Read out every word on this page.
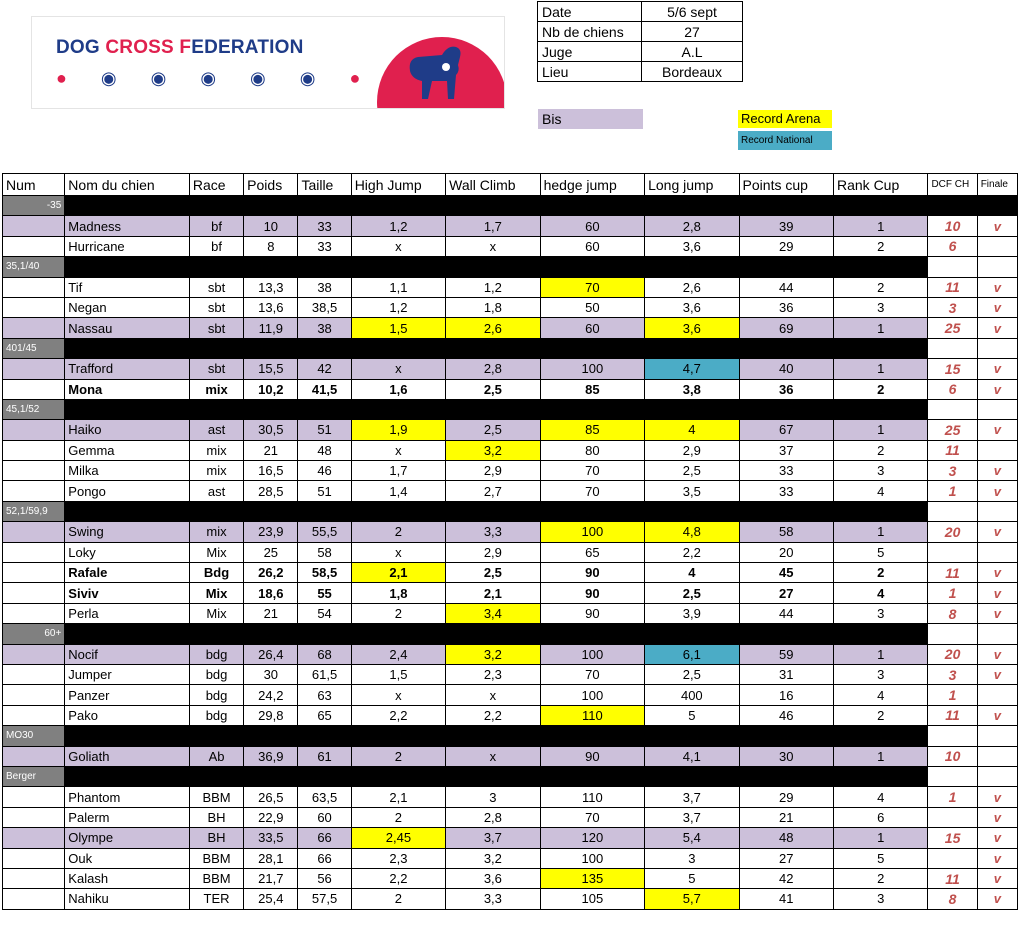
DOG CROSS FEDERATION
● ◉ ◉ ◉ ◉ ◉ ●
Date	5/6 sept
Nb de chiens	27
Juge	A.L
Lieu	Bordeaux
Bis	Record Arena
Record National
Num	Nom du chien	Race	Poids	Taille	High Jump	Wall Climb	hedge jump	Long jump	Points cup	Rank Cup	DCF CH	Finale
-35												
	Madness	bf	10	33	1,2	1,7	60	2,8	39	1	10	v
	Hurricane	bf	8	33	x	x	60	3,6	29	2	6	
35,1/40												
	Tif	sbt	13,3	38	1,1	1,2	70	2,6	44	2	11	v
	Negan	sbt	13,6	38,5	1,2	1,8	50	3,6	36	3	3	v
	Nassau	sbt	11,9	38	1,5	2,6	60	3,6	69	1	25	v
401/45												
	Trafford	sbt	15,5	42	x	2,8	100	4,7	40	1	15	v
	Mona	mix	10,2	41,5	1,6	2,5	85	3,8	36	2	6	v
45,1/52												
	Haiko	ast	30,5	51	1,9	2,5	85	4	67	1	25	v
	Gemma	mix	21	48	x	3,2	80	2,9	37	2	11	
	Milka	mix	16,5	46	1,7	2,9	70	2,5	33	3	3	v
	Pongo	ast	28,5	51	1,4	2,7	70	3,5	33	4	1	v
52,1/59,9												
	Swing	mix	23,9	55,5	2	3,3	100	4,8	58	1	20	v
	Loky	Mix	25	58	x	2,9	65	2,2	20	5		
	Rafale	Bdg	26,2	58,5	2,1	2,5	90	4	45	2	11	v
	Siviv	Mix	18,6	55	1,8	2,1	90	2,5	27	4	1	v
	Perla	Mix	21	54	2	3,4	90	3,9	44	3	8	v
60+												
	Nocif	bdg	26,4	68	2,4	3,2	100	6,1	59	1	20	v
	Jumper	bdg	30	61,5	1,5	2,3	70	2,5	31	3	3	v
	Panzer	bdg	24,2	63	x	x	100	400	16	4	1	
	Pako	bdg	29,8	65	2,2	2,2	110	5	46	2	11	v
MO30												
	Goliath	Ab	36,9	61	2	x	90	4,1	30	1	10	
Berger												
	Phantom	BBM	26,5	63,5	2,1	3	110	3,7	29	4	1	v
	Palerm	BH	22,9	60	2	2,8	70	3,7	21	6		v
	Olympe	BH	33,5	66	2,45	3,7	120	5,4	48	1	15	v
	Ouk	BBM	28,1	66	2,3	3,2	100	3	27	5		v
	Kalash	BBM	21,7	56	2,2	3,6	135	5	42	2	11	v
	Nahiku	TER	25,4	57,5	2	3,3	105	5,7	41	3	8	v
